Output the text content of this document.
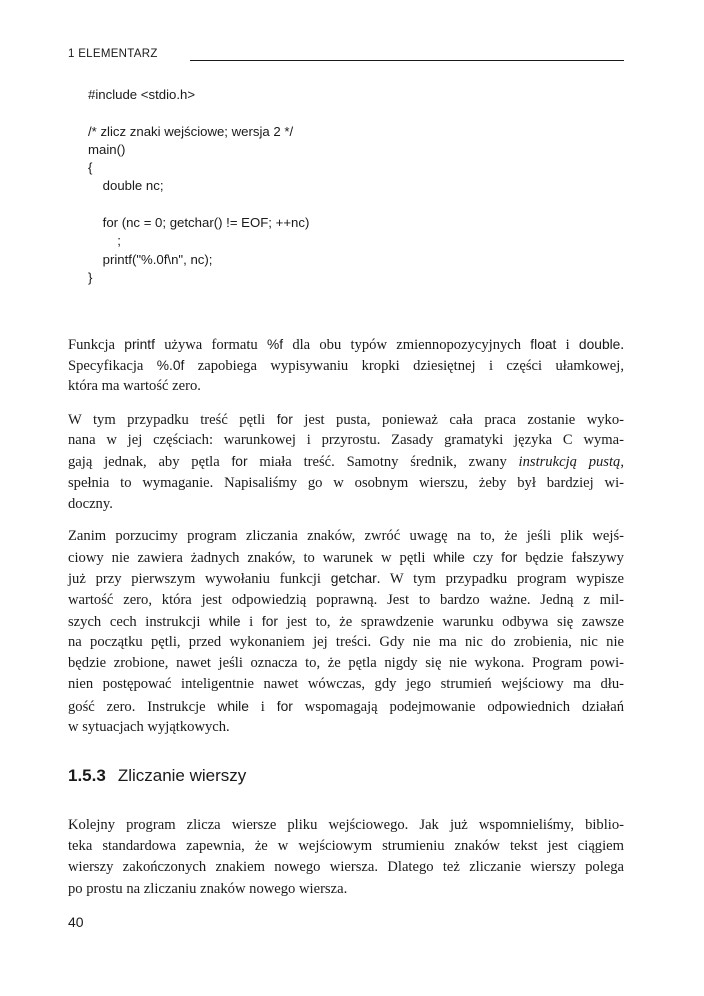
1 ELEMENTARZ
#include <stdio.h>
/* zlicz znaki wejściowe; wersja 2 */
main()
{
double nc;
for (nc = 0; getchar() != EOF; ++nc)
;
printf("%.0f\n", nc);
}
Funkcja printf używa formatu %f dla obu typów zmiennopozycyjnych float i double.
Specyfikacja %.0f zapobiega wypisywaniu kropki dziesiętnej i części ułamkowej,
która ma wartość zero.
W tym przypadku treść pętli for jest pusta, ponieważ cała praca zostanie wyko-
nana w jej częściach: warunkowej i przyrostu. Zasady gramatyki języka C wyma-
gają jednak, aby pętla for miała treść. Samotny średnik, zwany instrukcją pustą,
spełnia to wymaganie. Napisaliśmy go w osobnym wierszu, żeby był bardziej wi-
doczny.
Zanim porzucimy program zliczania znaków, zwróć uwagę na to, że jeśli plik wejś-
ciowy nie zawiera żadnych znaków, to warunek w pętli while czy for będzie fałszywy
już przy pierwszym wywołaniu funkcji getchar. W tym przypadku program wypisze
wartość zero, która jest odpowiedzią poprawną. Jest to bardzo ważne. Jedną z mil-
szych cech instrukcji while i for jest to, że sprawdzenie warunku odbywa się zawsze
na początku pętli, przed wykonaniem jej treści. Gdy nie ma nic do zrobienia, nic nie
będzie zrobione, nawet jeśli oznacza to, że pętla nigdy się nie wykona. Program powi-
nien postępować inteligentnie nawet wówczas, gdy jego strumień wejściowy ma dłu-
gość zero. Instrukcje while i for wspomagają podejmowanie odpowiednich działań
w sytuacjach wyjątkowych.
1.5.3 Zliczanie wierszy
Kolejny program zlicza wiersze pliku wejściowego. Jak już wspomnieliśmy, biblio-
teka standardowa zapewnia, że w wejściowym strumieniu znaków tekst jest ciągiem
wierszy zakończonych znakiem nowego wiersza. Dlatego też zliczanie wierszy polega
po prostu na zliczaniu znaków nowego wiersza.
40
